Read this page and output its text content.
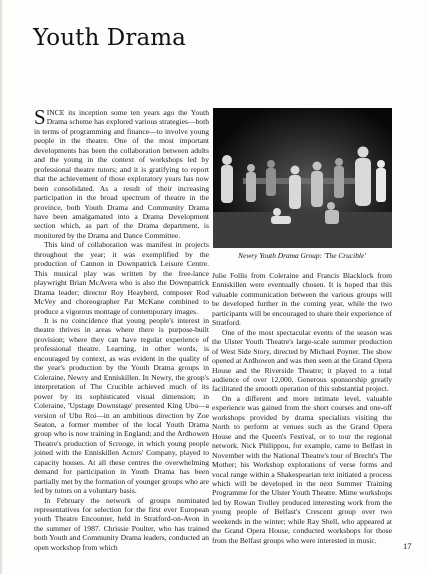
Youth Drama

SINCE its inception some ten years ago the Youth Drama scheme has explored various strategies—both in terms of programming and finance—to involve young people in the theatre. One of the most important developments has been the collaboration between adults and the young in the context of workshops led by professional theatre tutors; and it is gratifying to report that the achievement of those exploratory years has now been consolidated. As a result of their increasing participation in the broad spectrum of theatre in the province, both Youth Drama and Community Drama have been amalgamated into a Drama Development section which, as part of the Drama department, is monitored by the Drama and Dance Committee.

This kind of collaboration was manifest in projects throughout the year; it was exemplified by the production of Cannon in Downpatrick Leisure Centre. This musical play was written by the free-lance playwright Brian McAvera who is also the Downpatrick Drama leader; director Roy Heayberd, composer Rod McVey and choreographer Pat McKane combined to produce a vigorous montage of contemporary images.

It is no coincidence that young people's interest in theatre thrives in areas where there is purpose-built provision; where they can have regular experience of professional theatre. Learning, in other words, is encouraged by context, as was evident in the quality of the year's production by the Youth Drama groups in Coleraine, Newry and Enniskillen. In Newry, the group's interpretation of The Crucible achieved much of its power by its sophisticated visual dimension; in Coleraine, 'Upstage Downstage' presented King Ubu—a version of Ubu Roi—in an ambitious direction by Zoe Seaton, a former member of the local Youth Drama group who is now training in England; and the Ardhowen Theatre's production of Scrooge, in which young people joined with the Enniskillen Actors' Company, played to capacity houses. At all these centres the overwhelming demand for participation in Youth Drama has been partially met by the formation of younger groups who are led by tutors on a voluntary basis.

In February the network of groups nominated representatives for selection for the first ever European youth Theatre Encounter, held in Stratford-on-Avon in the summer of 1987. Chrissie Poulter, who has trained both Youth and Community Drama leaders, conducted an open workshop from which

Newry Youth Drama Group: 'The Crucible'

Julie Follis from Coleraine and Francis Blacklock from Enniskillen were eventually chosen. It is hoped that this valuable communication between the various groups will be developed further in the coming year, while the two participants will be encouraged to share their experience of Stratford.

One of the most spectacular events of the season was the Ulster Youth Theatre's large-scale summer production of West Side Story, directed by Michael Poyner. The show opened at Ardhowen and was then seen at the Grand Opera House and the Riverside Theatre; it played to a total audience of over 12,000. Generous sponsorship greatly facilitated the smooth operation of this substantial project.

On a different and more intimate level, valuable experience was gained from the short courses and one-off workshops provided by drama specialists visiting the North to perform at venues such as the Grand Opera House and the Queen's Festival, or to tour the regional network. Nick Philippou, for example, came to Belfast in November with the National Theatre's tour of Brecht's The Mother; his Workshop explorations of verse forms and vocal range within a Shakespearian text initiated a process which will be developed in the next Summer Training Programme for the Ulster Youth Theatre. Mime workshops led by Rowan Trolley produced interesting work from the young people of Belfast's Crescent group over two weekends in the winter; while Ray Shell, who appeared at the Grand Opera House, conducted workshops for those from the Belfast groups who were interested in music.

17
